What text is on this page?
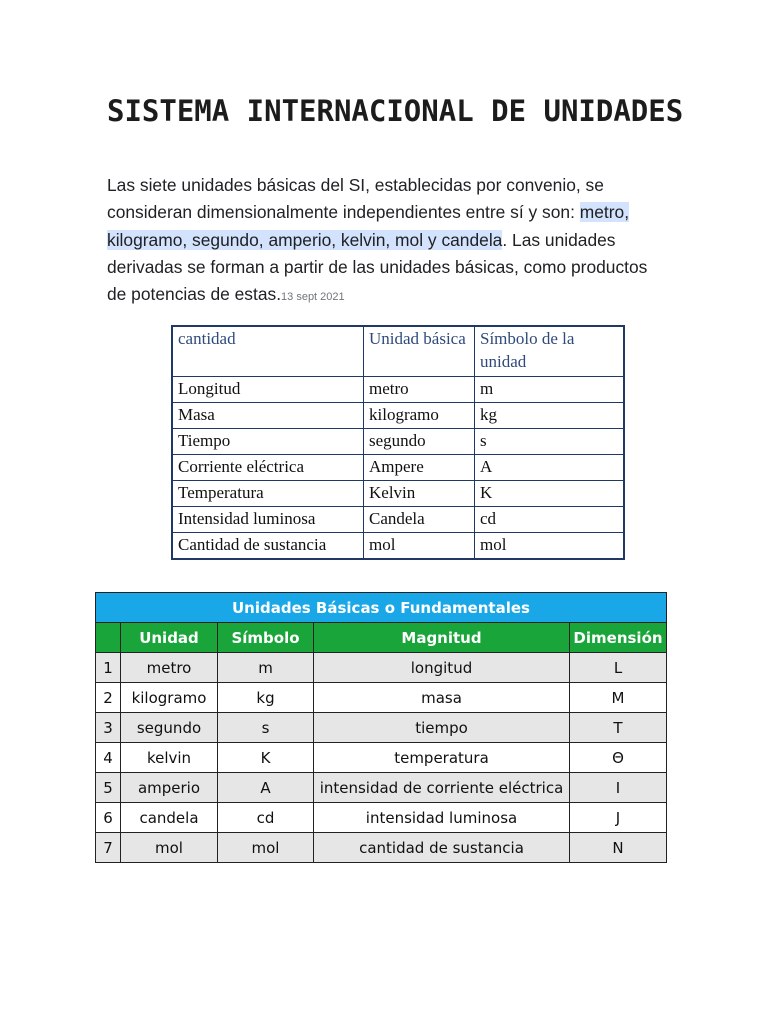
SISTEMA INTERNACIONAL DE UNIDADES
Las siete unidades básicas del SI, establecidas por convenio, se consideran dimensionalmente independientes entre sí y son: metro, kilogramo, segundo, amperio, kelvin, mol y candela. Las unidades derivadas se forman a partir de las unidades básicas, como productos de potencias de estas.13 sept 2021
cantidad	Unidad básica	Símbolo de la unidad
Longitud	metro	m
Masa	kilogramo	kg
Tiempo	segundo	s
Corriente eléctrica	Ampere	A
Temperatura	Kelvin	K
Intensidad luminosa	Candela	cd
Cantidad de sustancia	mol	mol
Unidades Básicas o Fundamentales				
	Unidad	Símbolo	Magnitud	Dimensión
1	metro	m	longitud	L
2	kilogramo	kg	masa	M
3	segundo	s	tiempo	T
4	kelvin	K	temperatura	Θ
5	amperio	A	intensidad de corriente eléctrica	I
6	candela	cd	intensidad luminosa	J
7	mol	mol	cantidad de sustancia	N
